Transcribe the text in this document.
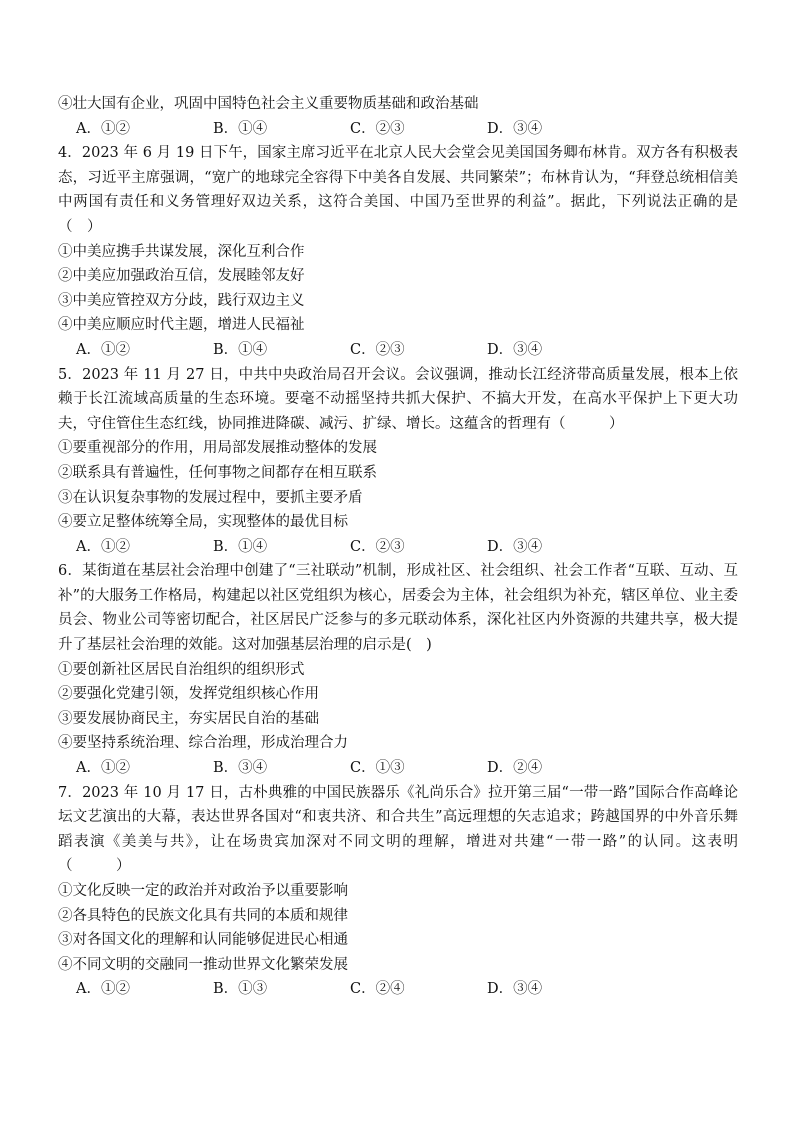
④壮大国有企业，巩固中国特色社会主义重要物质基础和政治基础
A．①②	B．①④	C．②③	D．③④
4．2023 年 6 月 19 日下午，国家主席习近平在北京人民大会堂会见美国国务卿布林肯。双方各有积极表态，习近平主席强调，“宽广的地球完全容得下中美各自发展、共同繁荣”；布林肯认为，“拜登总统相信美中两国有责任和义务管理好双边关系，这符合美国、中国乃至世界的利益”。据此，下列说法正确的是（　）
①中美应携手共谋发展，深化互利合作
②中美应加强政治互信，发展睦邻友好
③中美应管控双方分歧，践行双边主义
④中美应顺应时代主题，增进人民福祉
A．①②	B．①④	C．②③	D．③④
5．2023 年 11 月 27 日，中共中央政治局召开会议。会议强调，推动长江经济带高质量发展，根本上依赖于长江流域高质量的生态环境。要毫不动摇坚持共抓大保护、不搞大开发，在高水平保护上下更大功夫，守住管住生态红线，协同推进降碳、减污、扩绿、增长。这蕴含的哲理有（　　　）
①要重视部分的作用，用局部发展推动整体的发展
②联系具有普遍性，任何事物之间都存在相互联系
③在认识复杂事物的发展过程中，要抓主要矛盾
④要立足整体统筹全局，实现整体的最优目标
A．①②	B．①④	C．②③	D．③④
6．某街道在基层社会治理中创建了“三社联动”机制，形成社区、社会组织、社会工作者“互联、互动、互补”的大服务工作格局，构建起以社区党组织为核心，居委会为主体，社会组织为补充，辖区单位、业主委员会、物业公司等密切配合，社区居民广泛参与的多元联动体系，深化社区内外资源的共建共享，极大提升了基层社会治理的效能。这对加强基层治理的启示是(　)
①要创新社区居民自治组织的组织形式
②要强化党建引领，发挥党组织核心作用
③要发展协商民主，夯实居民自治的基础
④要坚持系统治理、综合治理，形成治理合力
A．①②	B．③④	C．①③	D．②④
7．2023 年 10 月 17 日，古朴典雅的中国民族器乐《礼尚乐合》拉开第三届“一带一路”国际合作高峰论坛文艺演出的大幕，表达世界各国对“和衷共济、和合共生”高远理想的矢志追求；跨越国界的中外音乐舞蹈表演《美美与共》，让在场贵宾加深对不同文明的理解，增进对共建“一带一路”的认同。这表明（　　　）
①文化反映一定的政治并对政治予以重要影响
②各具特色的民族文化具有共同的本质和规律
③对各国文化的理解和认同能够促进民心相通
④不同文明的交融同一推动世界文化繁荣发展
A．①②	B．①③	C．②④	D．③④
